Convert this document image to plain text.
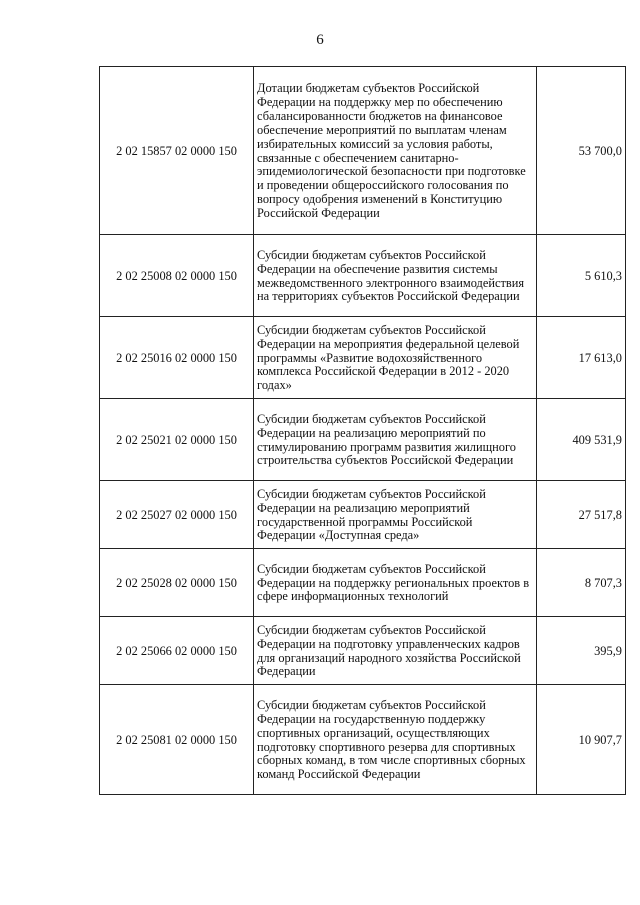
6
2 02 15857 02 0000 150	Дотации бюджетам субъектов Российской Федерации на поддержку мер по обеспечению сбалансированности бюджетов на финансовое обеспечение мероприятий по выплатам членам избирательных комиссий за условия работы, связанные с обеспечением санитарно-эпидемиологической безопасности при подготовке и проведении общероссийского голосования по вопросу одобрения изменений в Конституцию Российской Федерации	53 700,0
2 02 25008 02 0000 150	Субсидии бюджетам субъектов Российской Федерации на обеспечение развития системы межведомственного электронного взаимодействия на территориях субъектов Российской Федерации	5 610,3
2 02 25016 02 0000 150	Субсидии бюджетам субъектов Российской Федерации на мероприятия федеральной целевой программы «Развитие водохозяйственного комплекса Российской Федерации в 2012 - 2020 годах»	17 613,0
2 02 25021 02 0000 150	Субсидии бюджетам субъектов Российской Федерации на реализацию мероприятий по стимулированию программ развития жилищного строительства субъектов Российской Федерации	409 531,9
2 02 25027 02 0000 150	Субсидии бюджетам субъектов Российской Федерации на реализацию мероприятий государственной программы Российской Федерации «Доступная среда»	27 517,8
2 02 25028 02 0000 150	Субсидии бюджетам субъектов Российской Федерации на поддержку региональных проектов в сфере информационных технологий	8 707,3
2 02 25066 02 0000 150	Субсидии бюджетам субъектов Российской Федерации на подготовку управленческих кадров для организаций народного хозяйства Российской Федерации	395,9
2 02 25081 02 0000 150	Субсидии бюджетам субъектов Российской Федерации на государственную поддержку спортивных организаций, осуществляющих подготовку спортивного резерва для спортивных сборных команд, в том числе спортивных сборных команд Российской Федерации	10 907,7
